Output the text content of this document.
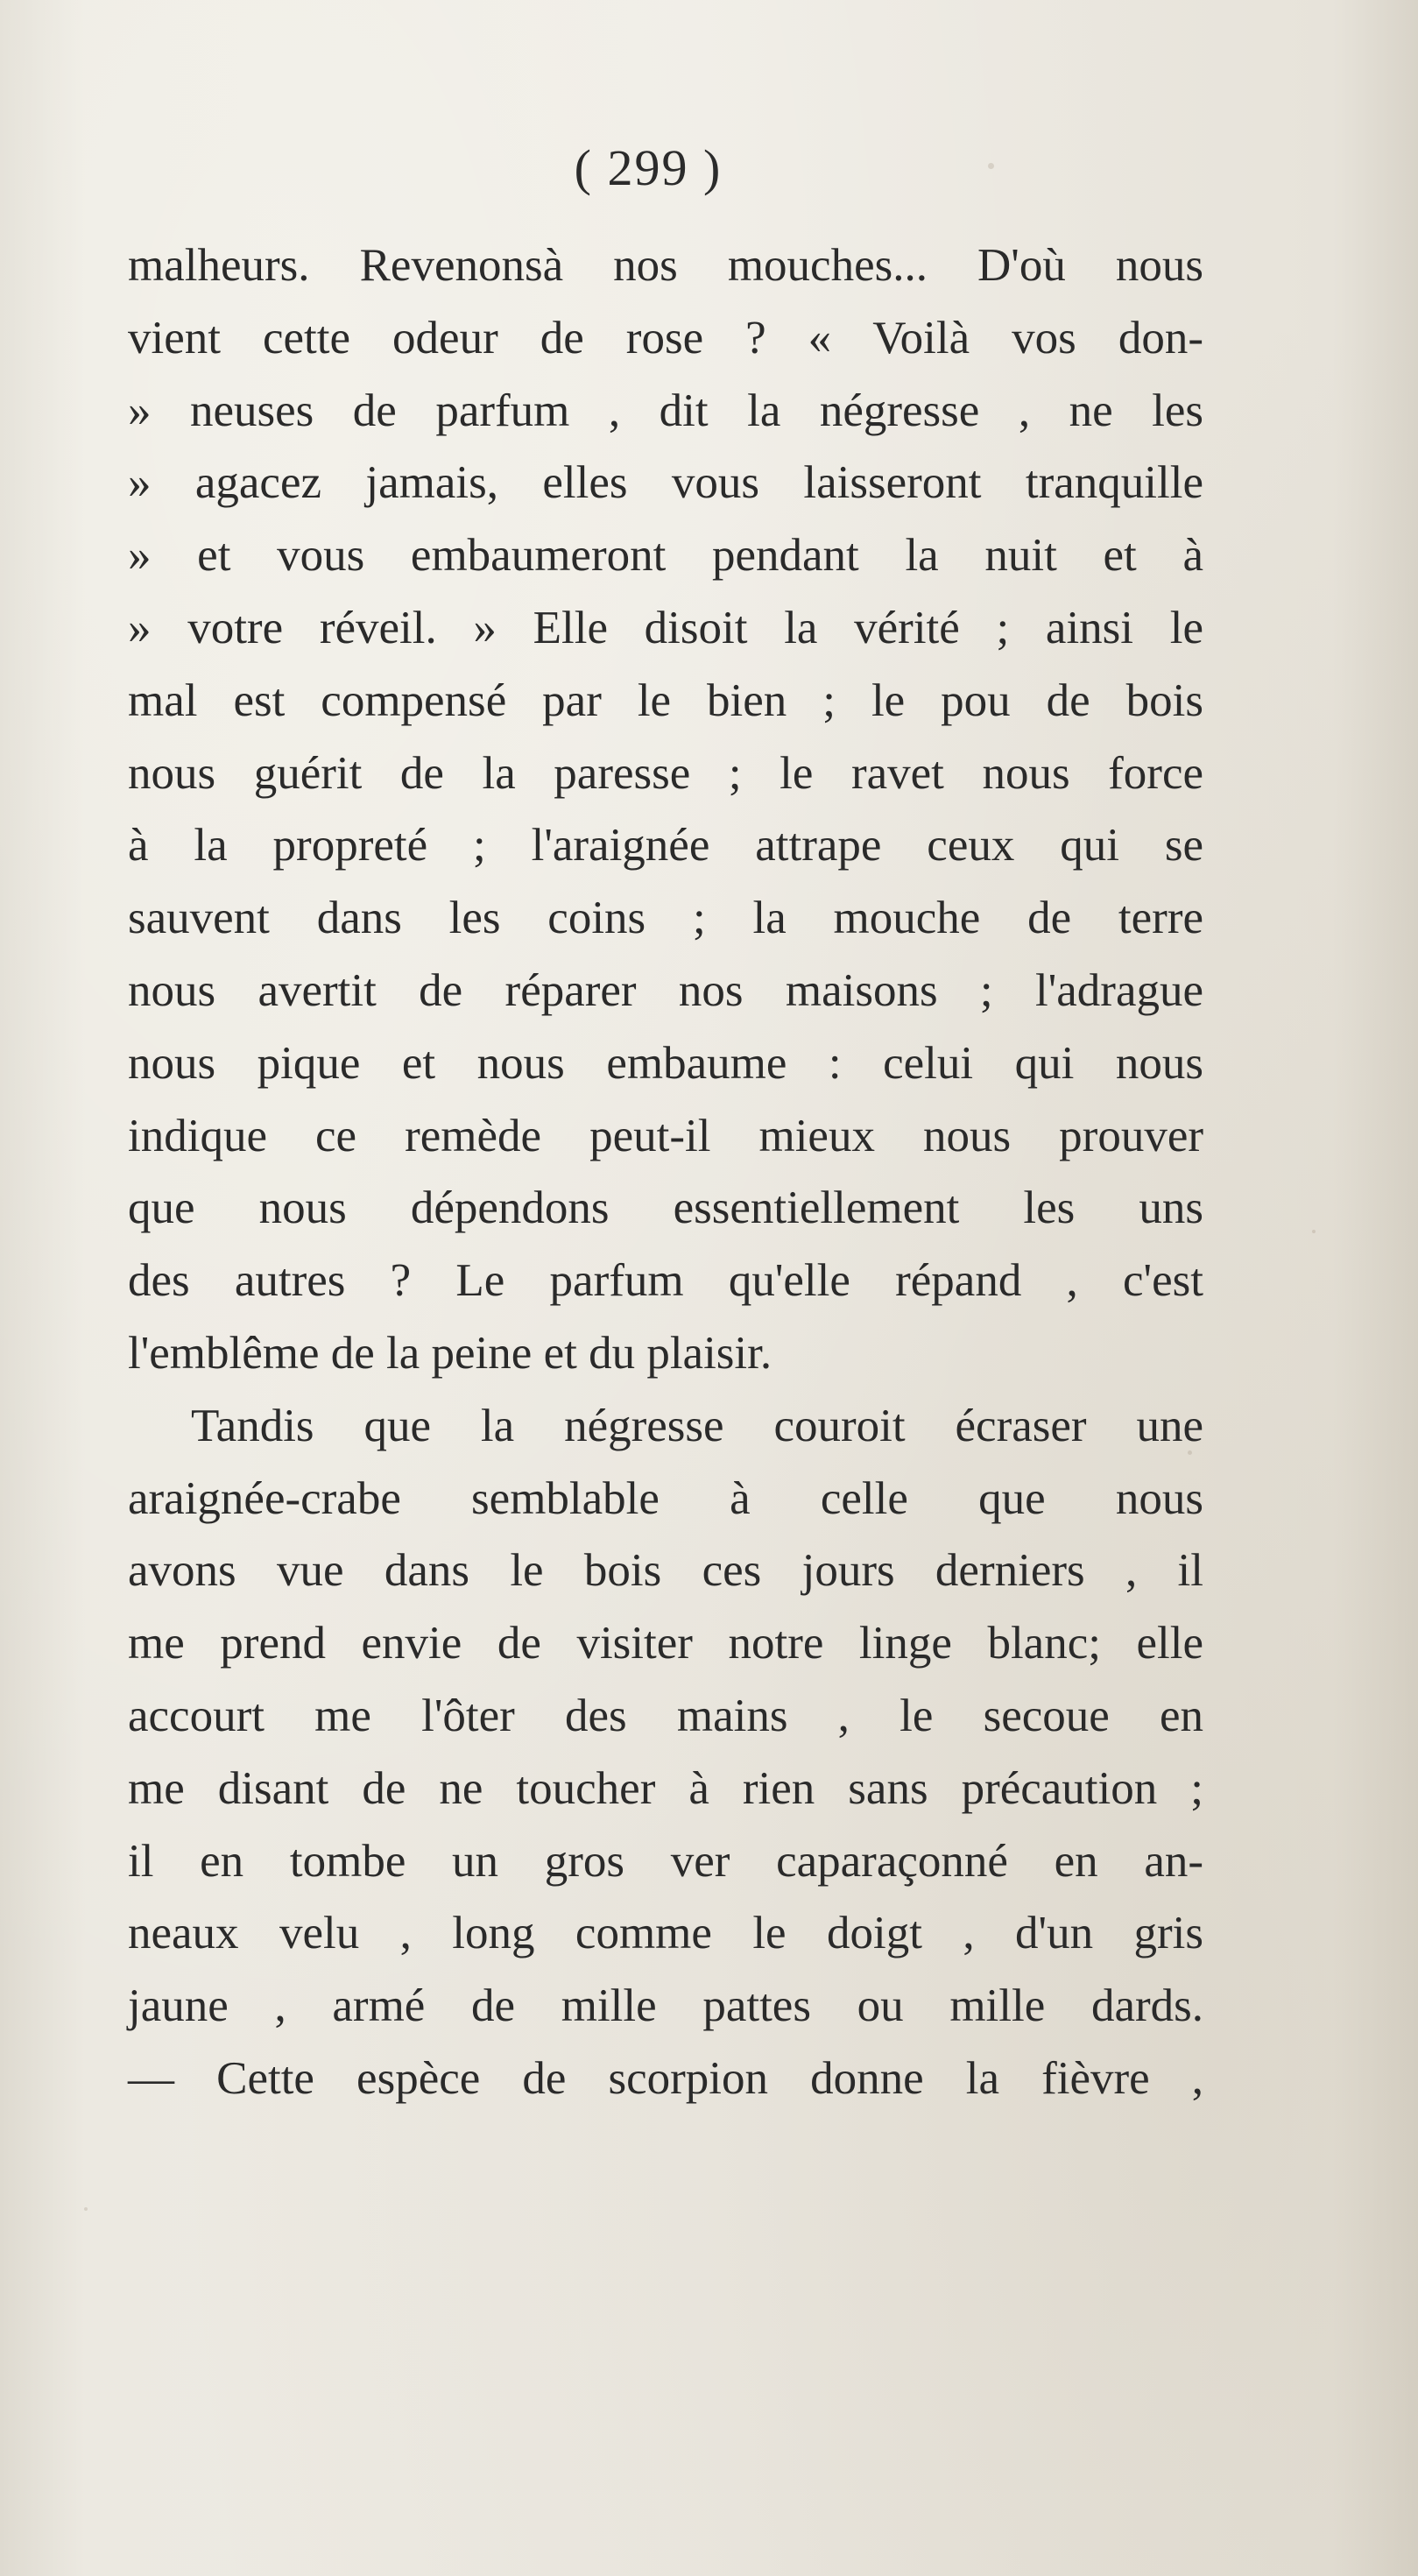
( 299 )
malheurs. Revenonsà nos mouches... D'où nous
vient cette odeur de rose ? « Voilà vos don-
» neuses de parfum , dit la négresse , ne les
» agacez jamais, elles vous laisseront tranquille
» et vous embaumeront pendant la nuit et à
» votre réveil. » Elle disoit la vérité ; ainsi le
mal est compensé par le bien ; le pou de bois
nous guérit de la paresse ; le ravet nous force
à la propreté ; l'araignée attrape ceux qui se
sauvent dans les coins ; la mouche de terre
nous avertit de réparer nos maisons ; l'adrague
nous pique et nous embaume : celui qui nous
indique ce remède peut-il mieux nous prouver
que nous dépendons essentiellement les uns
des autres ? Le parfum qu'elle répand , c'est
l'emblême de la peine et du plaisir.
Tandis que la négresse couroit écraser une
araignée-crabe semblable à celle que nous
avons vue dans le bois ces jours derniers , il
me prend envie de visiter notre linge blanc; elle
accourt me l'ôter des mains , le secoue en
me disant de ne toucher à rien sans précaution ;
il en tombe un gros ver caparaçonné en an-
neaux velu , long comme le doigt , d'un gris
jaune , armé de mille pattes ou mille dards.
— Cette espèce de scorpion donne la fièvre ,
